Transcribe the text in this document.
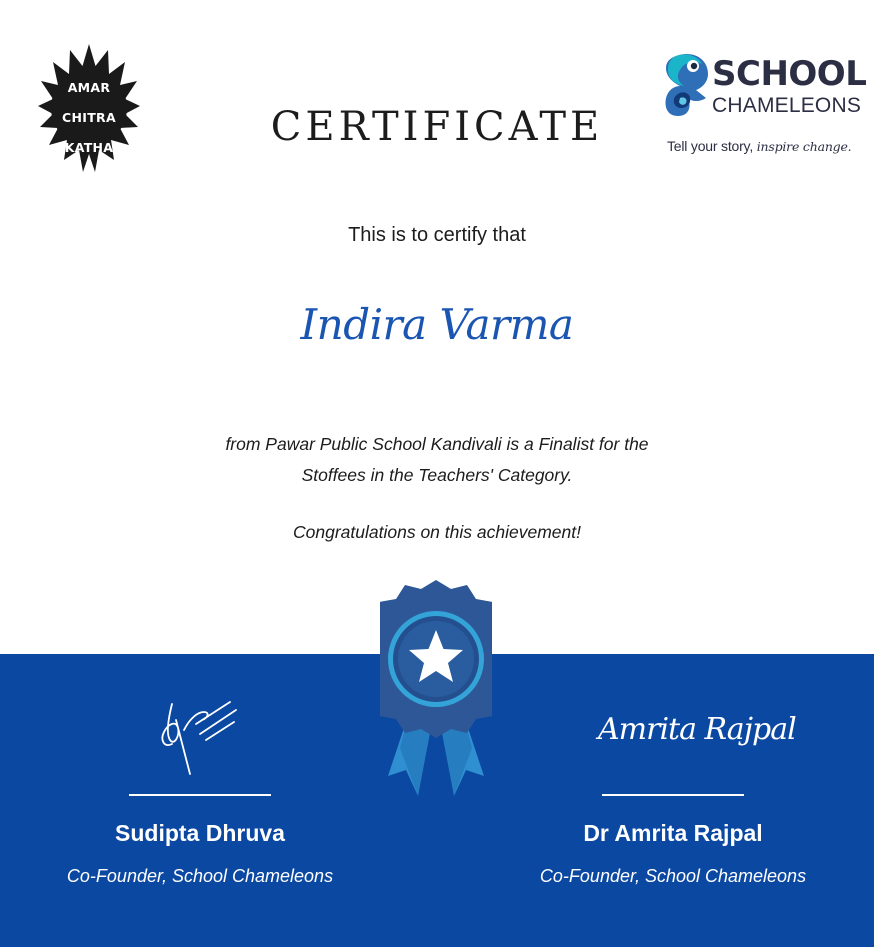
AMAR
CHITRA
KATHA
SCHOOL
CHAMELEONS
Tell your story, inspire change.
CERTIFICATE
This is to certify that
Indira Varma
from Pawar Public School Kandivali is a Finalist for the
Stoffees in the Teachers' Category.
Congratulations on this achievement!
Sudipta Dhruva
Co-Founder, School Chameleons
Amrita Rajpal
Dr Amrita Rajpal
Co-Founder, School Chameleons
